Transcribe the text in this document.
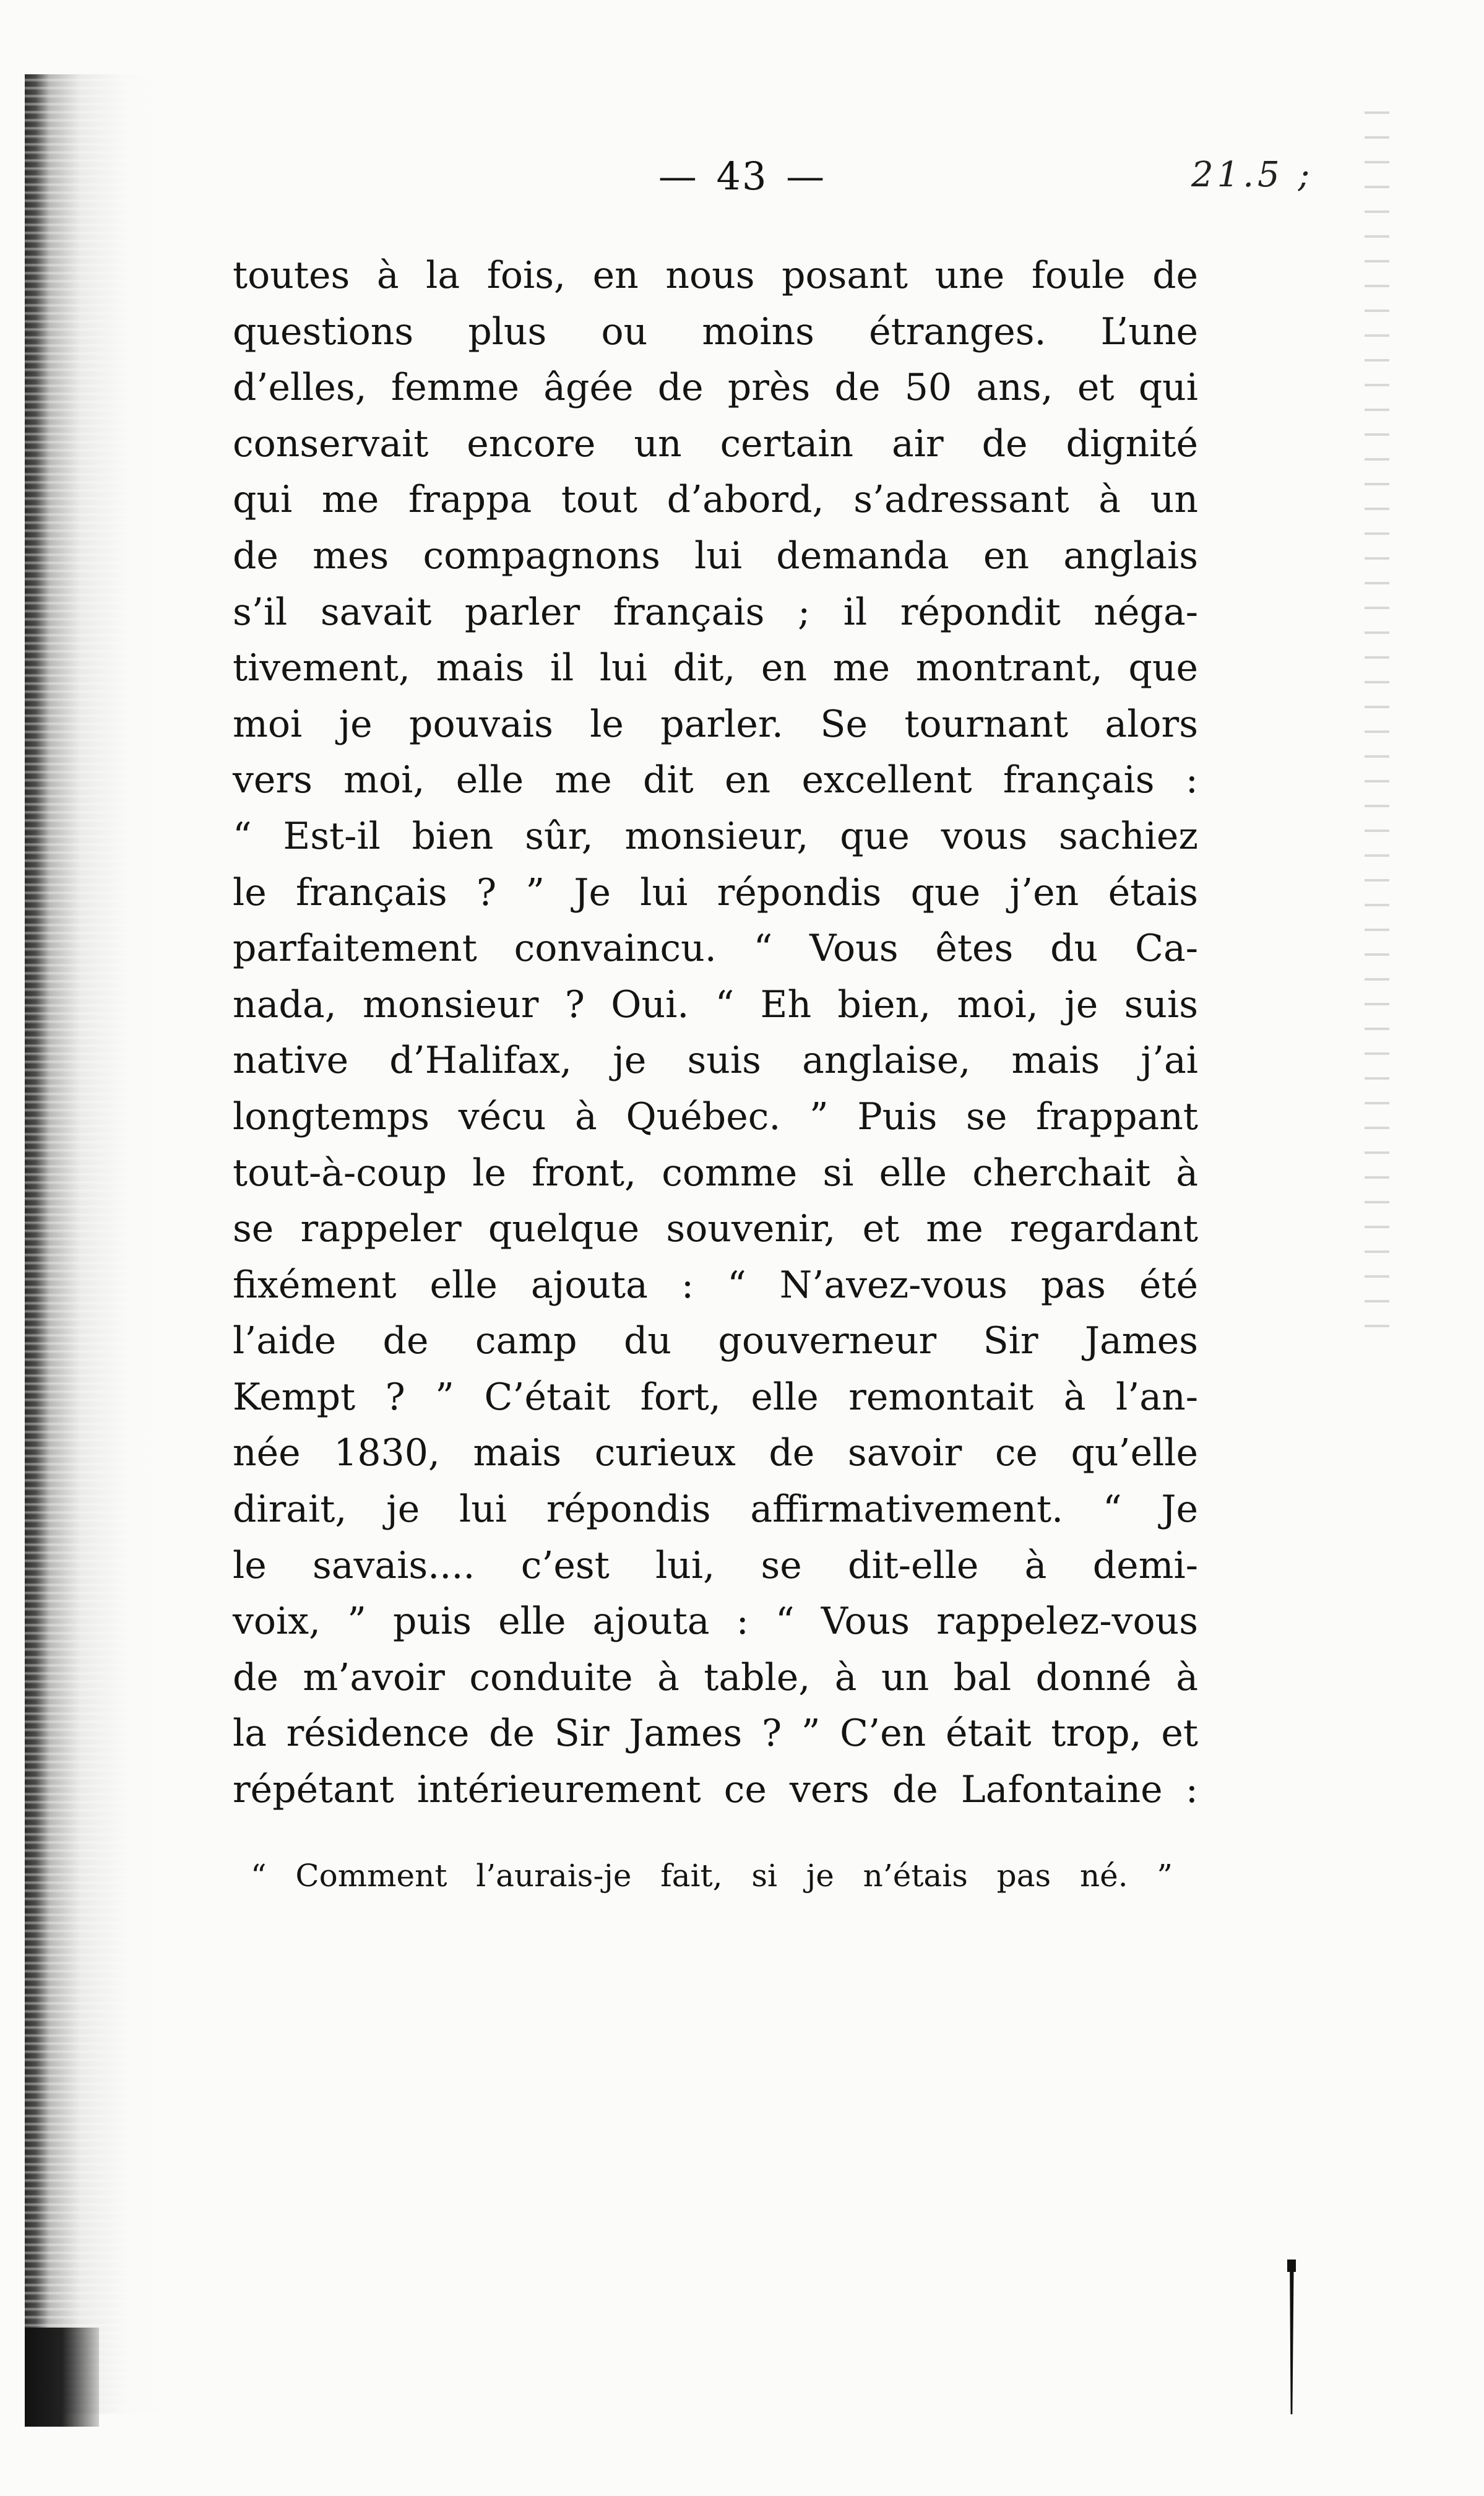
— 43 —	21.5 ;
toutes à la fois, en nous posant une foule de
questions plus ou moins étranges. L’une
d’elles, femme âgée de près de 50 ans, et qui
conservait encore un certain air de dignité
qui me frappa tout d’abord, s’adressant à un
de mes compagnons lui demanda en anglais
s’il savait parler français ; il répondit néga-
tivement, mais il lui dit, en me montrant, que
moi je pouvais le parler. Se tournant alors
vers moi, elle me dit en excellent français :
“ Est-il bien sûr, monsieur, que vous sachiez
le français ? ” Je lui répondis que j’en étais
parfaitement convaincu. “ Vous êtes du Ca-
nada, monsieur ? Oui. “ Eh bien, moi, je suis
native d’Halifax, je suis anglaise, mais j’ai
longtemps vécu à Québec. ” Puis se frappant
tout-à-coup le front, comme si elle cherchait à
se rappeler quelque souvenir, et me regardant
fixément elle ajouta : “ N’avez-vous pas été
l’aide de camp du gouverneur Sir James
Kempt ? ” C’était fort, elle remontait à l’an-
née 1830, mais curieux de savoir ce qu’elle
dirait, je lui répondis affirmativement. “ Je
le savais.... c’est lui, se dit-elle à demi-
voix, ” puis elle ajouta : “ Vous rappelez-vous
de m’avoir conduite à table, à un bal donné à
la résidence de Sir James ? ” C’en était trop, et
répétant intérieurement ce vers de Lafontaine :
“ Comment l’aurais-je fait, si je n’étais pas né. ”
